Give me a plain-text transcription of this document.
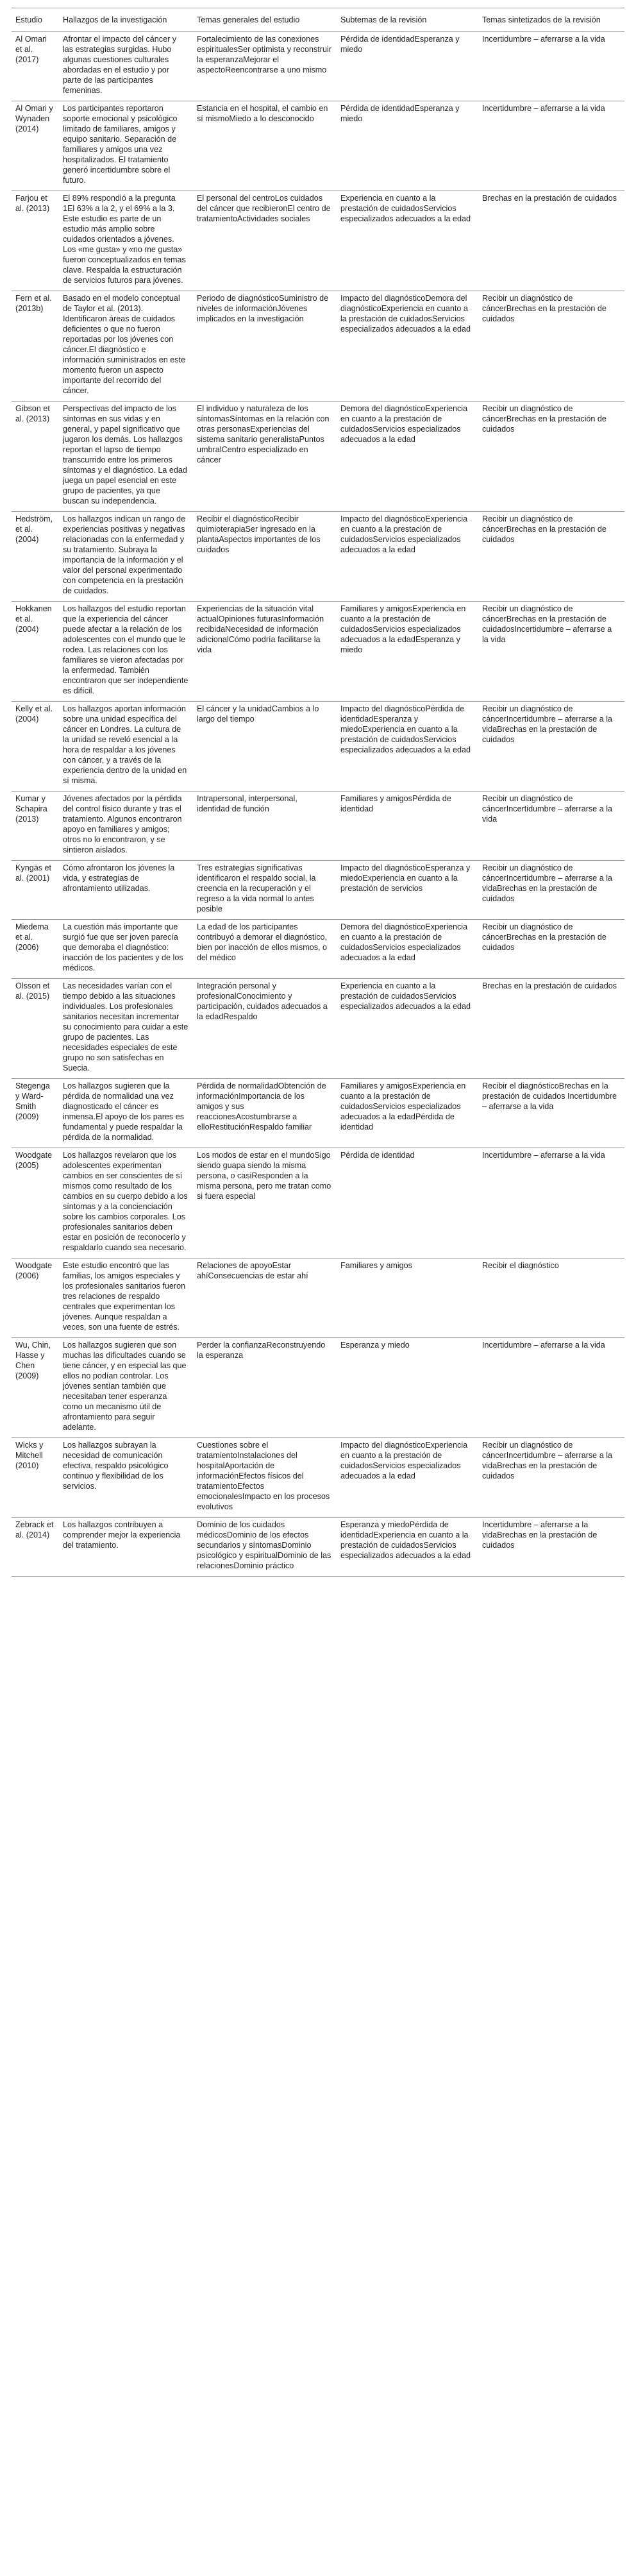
Estudio	Hallazgos de la investigación	Temas generales del estudio	Subtemas de la revisión	Temas sintetizados de la revisión
Al Omari et al. (2017)	Afrontar el impacto del cáncer y las estrategias surgidas. Hubo algunas cuestiones culturales abordadas en el estudio y por parte de las participantes femeninas.	Fortalecimiento de las conexiones espiritualesSer optimista y reconstruir la esperanzaMejorar el aspectoReencontrarse a uno mismo	Pérdida de identidadEsperanza y miedo	Incertidumbre – aferrarse a la vida
Al Omari y Wynaden (2014)	Los participantes reportaron soporte emocional y psicológico limitado de familiares, amigos y equipo sanitario. Separación de familiares y amigos una vez hospitalizados. El tratamiento generó incertidumbre sobre el futuro.	Estancia en el hospital, el cambio en sí mismoMiedo a lo desconocido	Pérdida de identidadEsperanza y miedo	Incertidumbre – aferrarse a la vida
Farjou et al. (2013)	El 89% respondió a la pregunta 1El 63% a la 2, y el 69% a la 3. Este estudio es parte de un estudio más amplio sobre cuidados orientados a jóvenes. Los «me gusta» y «no me gusta» fueron conceptualizados en temas clave. Respalda la estructuración de servicios futuros para jóvenes.	El personal del centroLos cuidados del cáncer que recibieronEl centro de tratamientoActividades sociales	Experiencia en cuanto a la prestación de cuidadosServicios especializados adecuados a la edad	Brechas en la prestación de cuidados
Fern et al. (2013b)	Basado en el modelo conceptual de Taylor et al. (2013). Identificaron áreas de cuidados deficientes o que no fueron reportadas por los jóvenes con cáncer.El diagnóstico e información suministrados en este momento fueron un aspecto importante del recorrido del cáncer.	Periodo de diagnósticoSuministro de niveles de informaciónJóvenes implicados en la investigación	Impacto del diagnósticoDemora del diagnósticoExperiencia en cuanto a la prestación de cuidadosServicios especializados adecuados a la edad	Recibir un diagnóstico de cáncerBrechas en la prestación de cuidados
Gibson et al. (2013)	Perspectivas del impacto de los síntomas en sus vidas y en general, y papel significativo que jugaron los demás. Los hallazgos reportan el lapso de tiempo transcurrido entre los primeros síntomas y el diagnóstico. La edad juega un papel esencial en este grupo de pacientes, ya que buscan su independencia.	El individuo y naturaleza de los síntomasSíntomas en la relación con otras personasExperiencias del sistema sanitario generalistaPuntos umbralCentro especializado en cáncer	Demora del diagnósticoExperiencia en cuanto a la prestación de cuidadosServicios especializados adecuados a la edad	Recibir un diagnóstico de cáncerBrechas en la prestación de cuidados
Hedström, et al. (2004)	Los hallazgos indican un rango de experiencias positivas y negativas relacionadas con la enfermedad y su tratamiento. Subraya la importancia de la información y el valor del personal experimentado con competencia en la prestación de cuidados.	Recibir el diagnósticoRecibir quimioterapiaSer ingresado en la plantaAspectos importantes de los cuidados	Impacto del diagnósticoExperiencia en cuanto a la prestación de cuidadosServicios especializados adecuados a la edad	Recibir un diagnóstico de cáncerBrechas en la prestación de cuidados
Hokkanen et al. (2004)	Los hallazgos del estudio reportan que la experiencia del cáncer puede afectar a la relación de los adolescentes con el mundo que le rodea. Las relaciones con los familiares se vieron afectadas por la enfermedad. También encontraron que ser independiente es difícil.	Experiencias de la situación vital actualOpiniones futurasInformación recibidaNecesidad de información adicionalCómo podría facilitarse la vida	Familiares y amigosExperiencia en cuanto a la prestación de cuidadosServicios especializados adecuados a la edadEsperanza y miedo	Recibir un diagnóstico de cáncerBrechas en la prestación de cuidadosIncertidumbre – aferrarse a la vida
Kelly et al. (2004)	Los hallazgos aportan información sobre una unidad específica del cáncer en Londres. La cultura de la unidad se reveló esencial a la hora de respaldar a los jóvenes con cáncer, y a través de la experiencia dentro de la unidad en sí misma.	El cáncer y la unidadCambios a lo largo del tiempo	Impacto del diagnósticoPérdida de identidadEsperanza y miedoExperiencia en cuanto a la prestación de cuidadosServicios especializados adecuados a la edad	Recibir un diagnóstico de cáncerIncertidumbre – aferrarse a la vidaBrechas en la prestación de cuidados
Kumar y Schapira (2013)	Jóvenes afectados por la pérdida del control físico durante y tras el tratamiento. Algunos encontraron apoyo en familiares y amigos; otros no lo encontraron, y se sintieron aislados.	Intrapersonal, interpersonal, identidad de función	Familiares y amigosPérdida de identidad	Recibir un diagnóstico de cáncerIncertidumbre – aferrarse a la vida
Kyngäs et al. (2001)	Cómo afrontaron los jóvenes la vida, y estrategias de afrontamiento utilizadas.	Tres estrategias significativas identificaron el respaldo social, la creencia en la recuperación y el regreso a la vida normal lo antes posible	Impacto del diagnósticoEsperanza y miedoExperiencia en cuanto a la prestación de servicios	Recibir un diagnóstico de cáncerIncertidumbre – aferrarse a la vidaBrechas en la prestación de cuidados
Miedema et al. (2006)	La cuestión más importante que surgió fue que ser joven parecía que demoraba el diagnóstico: inacción de los pacientes y de los médicos.	La edad de los participantes contribuyó a demorar el diagnóstico, bien por inacción de ellos mismos, o del médico	Demora del diagnósticoExperiencia en cuanto a la prestación de cuidadosServicios especializados adecuados a la edad	Recibir un diagnóstico de cáncerBrechas en la prestación de cuidados
Olsson et al. (2015)	Las necesidades varían con el tiempo debido a las situaciones individuales. Los profesionales sanitarios necesitan incrementar su conocimiento para cuidar a este grupo de pacientes. Las necesidades especiales de este grupo no son satisfechas en Suecia.	Integración personal y profesionalConocimiento y participación, cuidados adecuados a la edadRespaldo	Experiencia en cuanto a la prestación de cuidadosServicios especializados adecuados a la edad	Brechas en la prestación de cuidados
Stegenga y Ward-Smith (2009)	Los hallazgos sugieren que la pérdida de normalidad una vez diagnosticado el cáncer es inmensa.El apoyo de los pares es fundamental y puede respaldar la pérdida de la normalidad.	Pérdida de normalidadObtención de informaciónImportancia de los amigos y sus reaccionesAcostumbrarse a elloRestituciónRespaldo familiar	Familiares y amigosExperiencia en cuanto a la prestación de cuidadosServicios especializados adecuados a la edadPérdida de identidad	Recibir el diagnósticoBrechas en la prestación de cuidados Incertidumbre – aferrarse a la vida
Woodgate (2005)	Los hallazgos revelaron que los adolescentes experimentan cambios en ser conscientes de sí mismos como resultado de los cambios en su cuerpo debido a los síntomas y a la concienciación sobre los cambios corporales. Los profesionales sanitarios deben estar en posición de reconocerlo y respaldarlo cuando sea necesario.	Los modos de estar en el mundoSigo siendo guapa siendo la misma persona, o casiResponden a la misma persona, pero me tratan como si fuera especial	Pérdida de identidad	Incertidumbre – aferrarse a la vida
Woodgate (2006)	Este estudio encontró que las familias, los amigos especiales y los profesionales sanitarios fueron tres relaciones de respaldo centrales que experimentan los jóvenes. Aunque respaldan a veces, son una fuente de estrés.	Relaciones de apoyoEstar ahíConsecuencias de estar ahí	Familiares y amigos	Recibir el diagnóstico
Wu, Chin, Hasse y Chen (2009)	Los hallazgos sugieren que son muchas las dificultades cuando se tiene cáncer, y en especial las que ellos no podían controlar. Los jóvenes sentían también que necesitaban tener esperanza como un mecanismo útil de afrontamiento para seguir adelante.	Perder la confianzaReconstruyendo la esperanza	Esperanza y miedo	Incertidumbre – aferrarse a la vida
Wicks y Mitchell (2010)	Los hallazgos subrayan la necesidad de comunicación efectiva, respaldo psicológico continuo y flexibilidad de los servicios.	Cuestiones sobre el tratamientoInstalaciones del hospitalAportación de informaciónEfectos físicos del tratamientoEfectos emocionalesImpacto en los procesos evolutivos	Impacto del diagnósticoExperiencia en cuanto a la prestación de cuidadosServicios especializados adecuados a la edad	Recibir un diagnóstico de cáncerIncertidumbre – aferrarse a la vidaBrechas en la prestación de cuidados
Zebrack et al. (2014)	Los hallazgos contribuyen a comprender mejor la experiencia del tratamiento.	Dominio de los cuidados médicosDominio de los efectos secundarios y síntomasDominio psicológico y espiritualDominio de las relacionesDominio práctico	Esperanza y miedoPérdida de identidadExperiencia en cuanto a la prestación de cuidadosServicios especializados adecuados a la edad	Incertidumbre – aferrarse a la vidaBrechas en la prestación de cuidados
